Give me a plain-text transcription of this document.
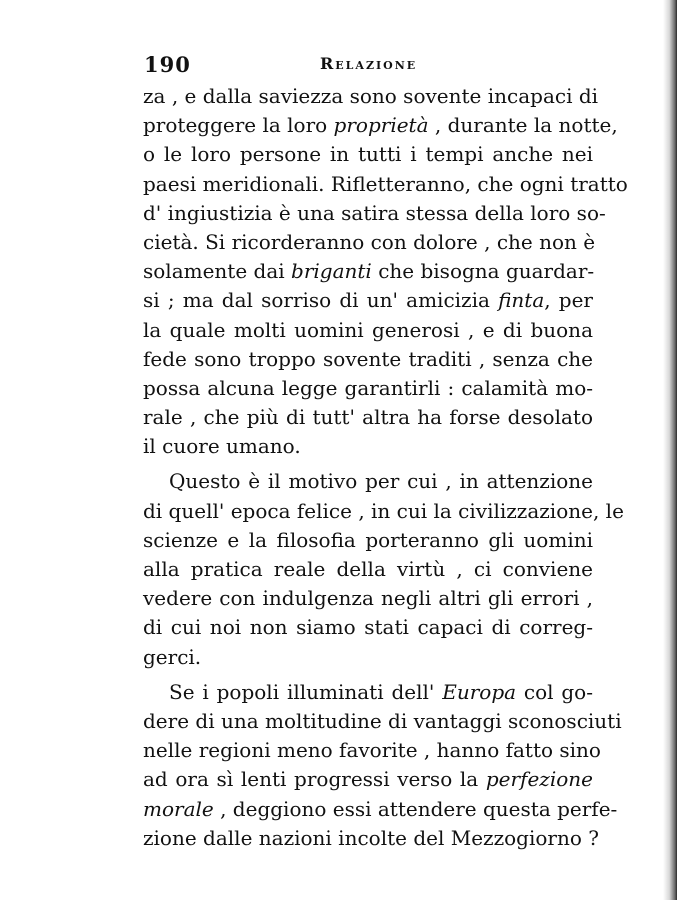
190	Relazione
za , e dalla saviezza sono sovente incapaci di
proteggere la loro proprietà , durante la notte,
o le loro persone in tutti i tempi anche nei
paesi meridionali. Rifletteranno, che ogni tratto
d' ingiustizia è una satira stessa della loro so-
cietà. Si ricorderanno con dolore , che non è
solamente dai briganti che bisogna guardar-
si ; ma dal sorriso di un' amicizia finta, per
la quale molti uomini generosi , e di buona
fede sono troppo sovente traditi , senza che
possa alcuna legge garantirli : calamità mo-
rale , che più di tutt' altra ha forse desolato
il cuore umano.
Questo è il motivo per cui , in attenzione
di quell' epoca felice , in cui la civilizzazione, le
scienze e la filosofia porteranno gli uomini
alla pratica reale della virtù , ci conviene
vedere con indulgenza negli altri gli errori ,
di cui noi non siamo stati capaci di correg-
gerci.
Se i popoli illuminati dell' Europa col go-
dere di una moltitudine di vantaggi sconosciuti
nelle regioni meno favorite , hanno fatto sino
ad ora sì lenti progressi verso la perfezione
morale , deggiono essi attendere questa perfe-
zione dalle nazioni incolte del Mezzogiorno ?
